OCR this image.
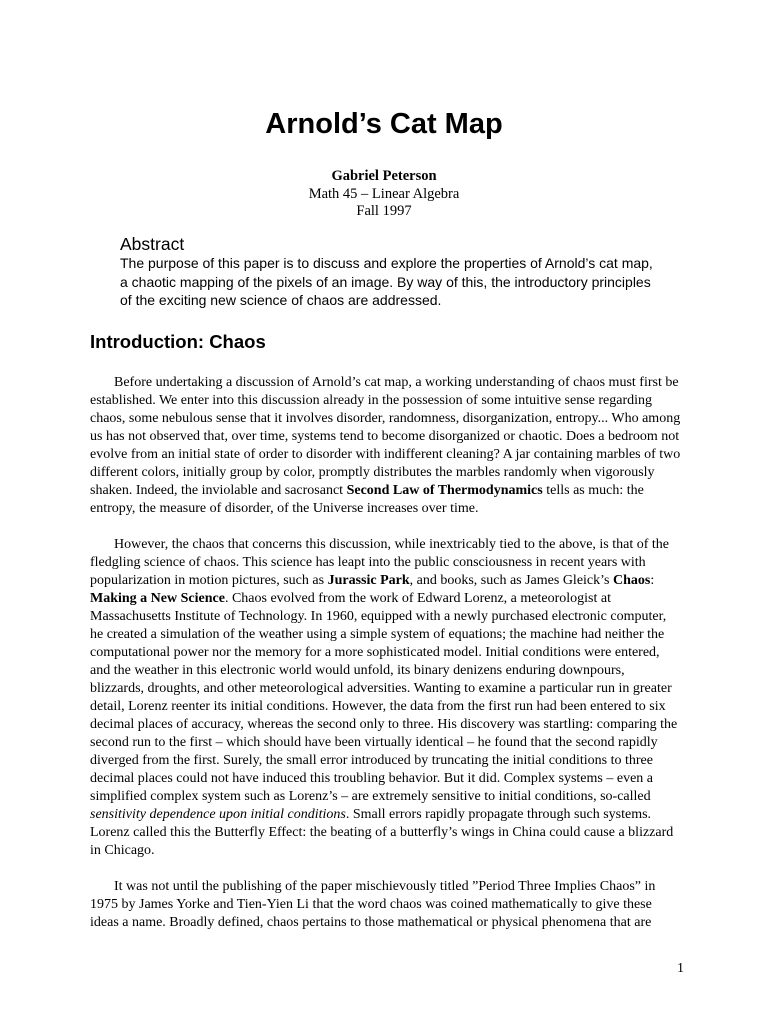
Arnold’s Cat Map
Gabriel Peterson
Math 45 – Linear Algebra
Fall 1997
Abstract

The purpose of this paper is to discuss and explore the properties of Arnold’s cat map, a chaotic mapping of the pixels of an image. By way of this, the introductory principles of the exciting new science of chaos are addressed.

Introduction: Chaos

Before undertaking a discussion of Arnold’s cat map, a working understanding of chaos must first be established. We enter into this discussion already in the possession of some intuitive sense regarding chaos, some nebulous sense that it involves disorder, randomness, disorganization, entropy... Who among us has not observed that, over time, systems tend to become disorganized or chaotic. Does a bedroom not evolve from an initial state of order to disorder with indifferent cleaning? A jar containing marbles of two different colors, initially group by color, promptly distributes the marbles randomly when vigorously shaken. Indeed, the inviolable and sacrosanct Second Law of Thermodynamics tells as much: the entropy, the measure of disorder, of the Universe increases over time.

However, the chaos that concerns this discussion, while inextricably tied to the above, is that of the fledgling science of chaos. This science has leapt into the public consciousness in recent years with popularization in motion pictures, such as Jurassic Park, and books, such as James Gleick’s Chaos: Making a New Science. Chaos evolved from the work of Edward Lorenz, a meteorologist at Massachusetts Institute of Technology. In 1960, equipped with a newly purchased electronic computer, he created a simulation of the weather using a simple system of equations; the machine had neither the computational power nor the memory for a more sophisticated model. Initial conditions were entered, and the weather in this electronic world would unfold, its binary denizens enduring downpours, blizzards, droughts, and other meteorological adversities. Wanting to examine a particular run in greater detail, Lorenz reenter its initial conditions. However, the data from the first run had been entered to six decimal places of accuracy, whereas the second only to three. His discovery was startling: comparing the second run to the first – which should have been virtually identical – he found that the second rapidly diverged from the first. Surely, the small error introduced by truncating the initial conditions to three decimal places could not have induced this troubling behavior. But it did. Complex systems – even a simplified complex system such as Lorenz’s – are extremely sensitive to initial conditions, so-called sensitivity dependence upon initial conditions. Small errors rapidly propagate through such systems. Lorenz called this the Butterfly Effect: the beating of a butterfly’s wings in China could cause a blizzard in Chicago.

It was not until the publishing of the paper mischievously titled ”Period Three Implies Chaos” in 1975 by James Yorke and Tien-Yien Li that the word chaos was coined mathematically to give these ideas a name. Broadly defined, chaos pertains to those mathematical or physical phenomena that are

1
